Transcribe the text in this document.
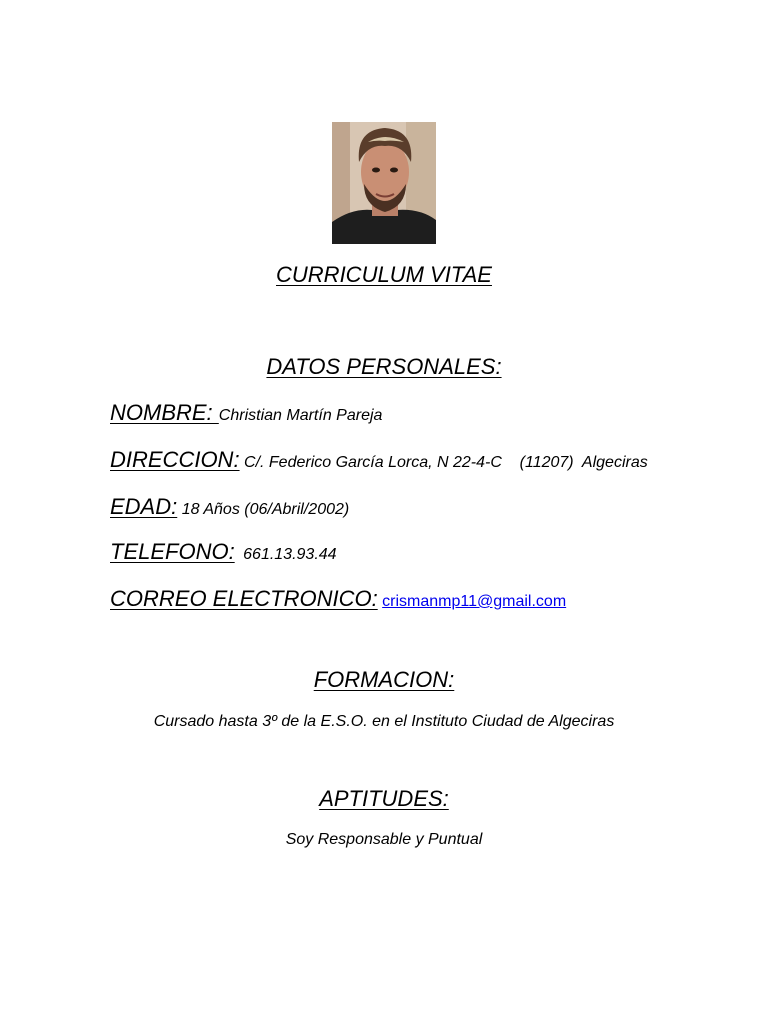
CURRICULUM VITAE
DATOS PERSONALES:
NOMBRE: Christian Martín Pareja
DIRECCION: C/. Federico García Lorca, N 22-4-C    (11207)  Algeciras
EDAD: 18 Años (06/Abril/2002)
TELEFONO: 661.13.93.44
CORREO ELECTRONICO: crismanmp11@gmail.com
FORMACION:
Cursado hasta 3º de la E.S.O. en el Instituto Ciudad de Algeciras
APTITUDES:
Soy Responsable y Puntual
